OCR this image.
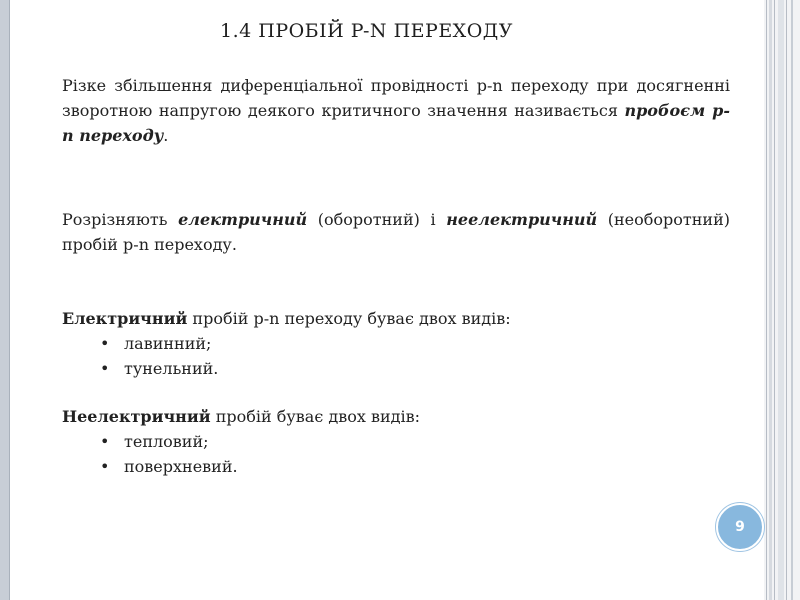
1.4 ПРОБІЙ P-N ПЕРЕХОДУ
Різке збільшення диференціальної провідності p-n переходу при досягненні зворотною напругою деякого критичного значення називається пробоєм p-n переходу.
Розрізняють електричний (оборотний) і неелектричний (необоротний) пробій p-n переходу.
Електричний пробій p-n переходу буває двох видів:
• лавинний;
• тунельний.
Неелектричний пробій буває двох видів:
• тепловий;
• поверхневий.
9
